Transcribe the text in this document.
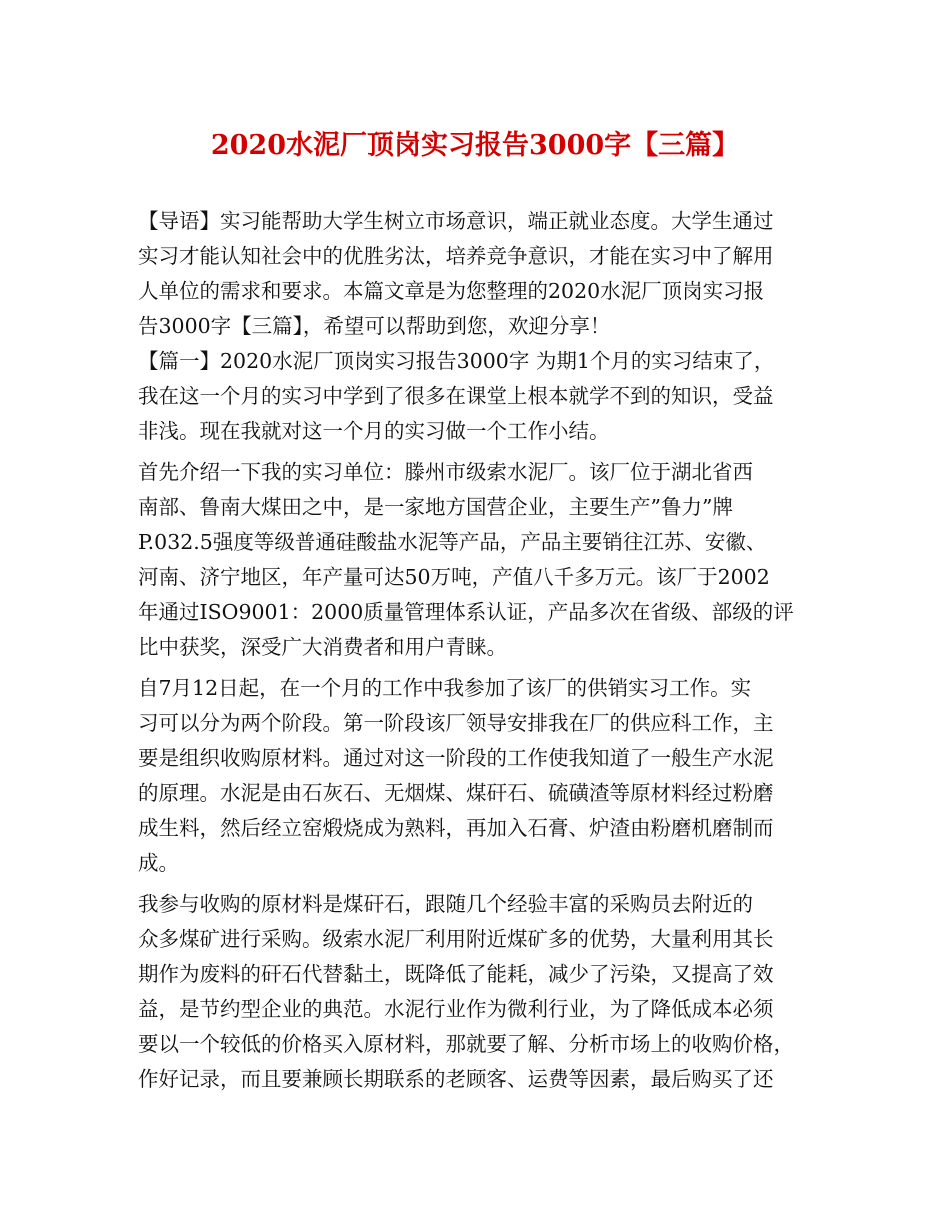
2020水泥厂顶岗实习报告3000字【三篇】
【导语】实习能帮助大学生树立市场意识，端正就业态度。大学生通过
实习才能认知社会中的优胜劣汰，培养竞争意识，才能在实习中了解用
人单位的需求和要求。本篇文章是为您整理的2020水泥厂顶岗实习报
告3000字【三篇】，希望可以帮助到您，欢迎分享！
【篇一】2020水泥厂顶岗实习报告3000字 为期1个月的实习结束了，
我在这一个月的实习中学到了很多在课堂上根本就学不到的知识，受益
非浅。现在我就对这一个月的实习做一个工作小结。
首先介绍一下我的实习单位：滕州市级索水泥厂。该厂位于湖北省西
南部、鲁南大煤田之中，是一家地方国营企业，主要生产”鲁力”牌
P.032.5强度等级普通硅酸盐水泥等产品，产品主要销往江苏、安徽、
河南、济宁地区，年产量可达50万吨，产值八千多万元。该厂于2002
年通过ISO9001：2000质量管理体系认证，产品多次在省级、部级的评
比中获奖，深受广大消费者和用户青睐。
自7月12日起，在一个月的工作中我参加了该厂的供销实习工作。实
习可以分为两个阶段。第一阶段该厂领导安排我在厂的供应科工作，主
要是组织收购原材料。通过对这一阶段的工作使我知道了一般生产水泥
的原理。水泥是由石灰石、无烟煤、煤矸石、硫磺渣等原材料经过粉磨
成生料，然后经立窑煅烧成为熟料，再加入石膏、炉渣由粉磨机磨制而
成。
我参与收购的原材料是煤矸石，跟随几个经验丰富的采购员去附近的
众多煤矿进行采购。级索水泥厂利用附近煤矿多的优势，大量利用其长
期作为废料的矸石代替黏土，既降低了能耗，减少了污染，又提高了效
益，是节约型企业的典范。水泥行业作为微利行业，为了降低成本必须
要以一个较低的价格买入原材料，那就要了解、分析市场上的收购价格，
作好记录，而且要兼顾长期联系的老顾客、运费等因素，最后购买了还
